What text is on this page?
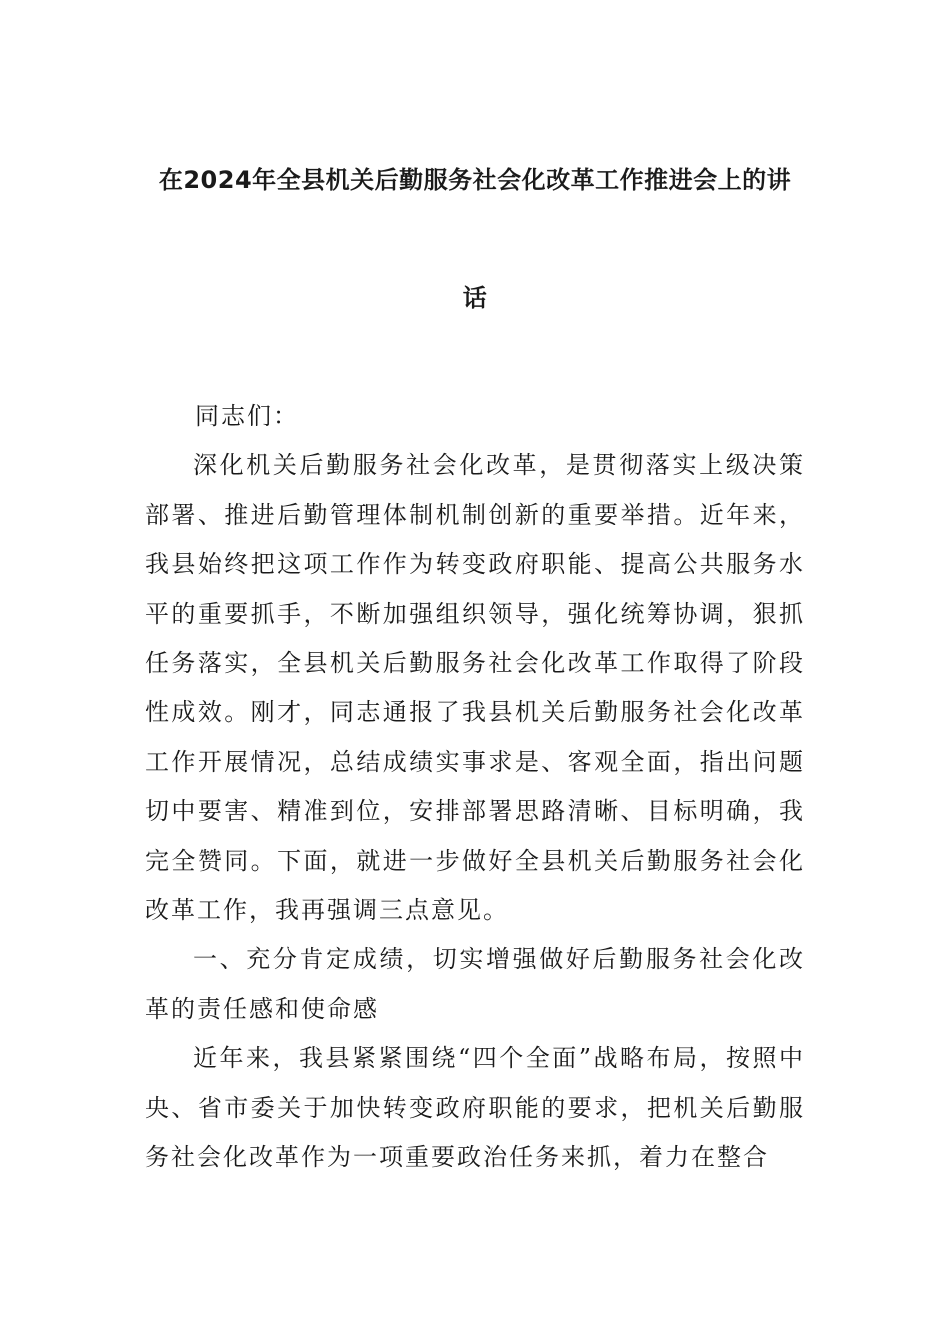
在2024年全县机关后勤服务社会化改革工作推进会上的讲
话

同志们：

深化机关后勤服务社会化改革，是贯彻落实上级决策部署、推进后勤管理体制机制创新的重要举措。近年来，我县始终把这项工作作为转变政府职能、提高公共服务水平的重要抓手，不断加强组织领导，强化统筹协调，狠抓任务落实，全县机关后勤服务社会化改革工作取得了阶段性成效。刚才，同志通报了我县机关后勤服务社会化改革工作开展情况，总结成绩实事求是、客观全面，指出问题切中要害、精准到位，安排部署思路清晰、目标明确，我完全赞同。下面，就进一步做好全县机关后勤服务社会化改革工作，我再强调三点意见。

一、充分肯定成绩，切实增强做好后勤服务社会化改革的责任感和使命感

近年来，我县紧紧围绕“四个全面”战略布局，按照中央、省市委关于加快转变政府职能的要求，把机关后勤服务社会化改革作为一项重要政治任务来抓，着力在整合
